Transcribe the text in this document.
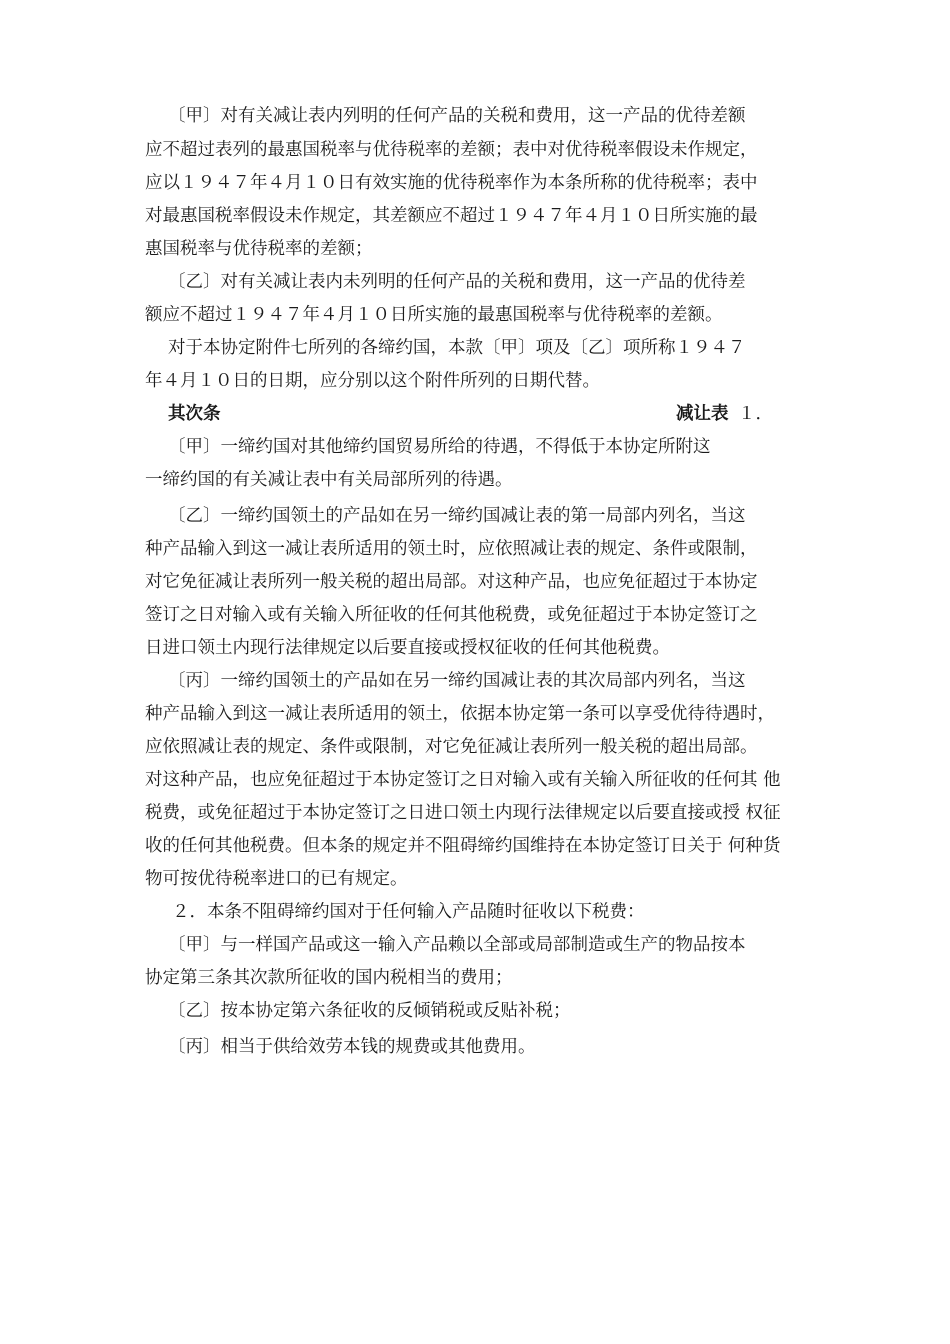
〔甲〕对有关减让表内列明的任何产品的关税和费用，这一产品的优待差额
应不超过表列的最惠国税率与优待税率的差额；表中对优待税率假设未作规定，
应以１９４７年４月１０日有效实施的优待税率作为本条所称的优待税率；表中
对最惠国税率假设未作规定，其差额应不超过１９４７年４月１０日所实施的最
惠国税率与优待税率的差额；
〔乙〕对有关减让表内未列明的任何产品的关税和费用，这一产品的优待差
额应不超过１９４７年４月１０日所实施的最惠国税率与优待税率的差额。
对于本协定附件七所列的各缔约国，本款〔甲〕项及〔乙〕项所称１９４７
年４月１０日的日期，应分别以这个附件所列的日期代替。
其次条	减让表 １．
〔甲〕一缔约国对其他缔约国贸易所给的待遇，不得低于本协定所附这
一缔约国的有关减让表中有关局部所列的待遇。
〔乙〕一缔约国领土的产品如在另一缔约国减让表的第一局部内列名，当这
种产品输入到这一减让表所适用的领土时，应依照减让表的规定、条件或限制，
对它免征减让表所列一般关税的超出局部。对这种产品，也应免征超过于本协定
签订之日对输入或有关输入所征收的任何其他税费，或免征超过于本协定签订之
日进口领土内现行法律规定以后要直接或授权征收的任何其他税费。
〔丙〕一缔约国领土的产品如在另一缔约国减让表的其次局部内列名，当这
种产品输入到这一减让表所适用的领土，依据本协定第一条可以享受优待待遇时，
应依照减让表的规定、条件或限制，对它免征减让表所列一般关税的超出局部。
对这种产品，也应免征超过于本协定签订之日对输入或有关输入所征收的任何其 他
税费，或免征超过于本协定签订之日进口领土内现行法律规定以后要直接或授 权征
收的任何其他税费。但本条的规定并不阻碍缔约国维持在本协定签订日关于 何种货
物可按优待税率进口的已有规定。
２．本条不阻碍缔约国对于任何输入产品随时征收以下税费：
〔甲〕与一样国产品或这一输入产品赖以全部或局部制造或生产的物品按本
协定第三条其次款所征收的国内税相当的费用；
〔乙〕按本协定第六条征收的反倾销税或反贴补税；
〔丙〕相当于供给效劳本钱的规费或其他费用。
